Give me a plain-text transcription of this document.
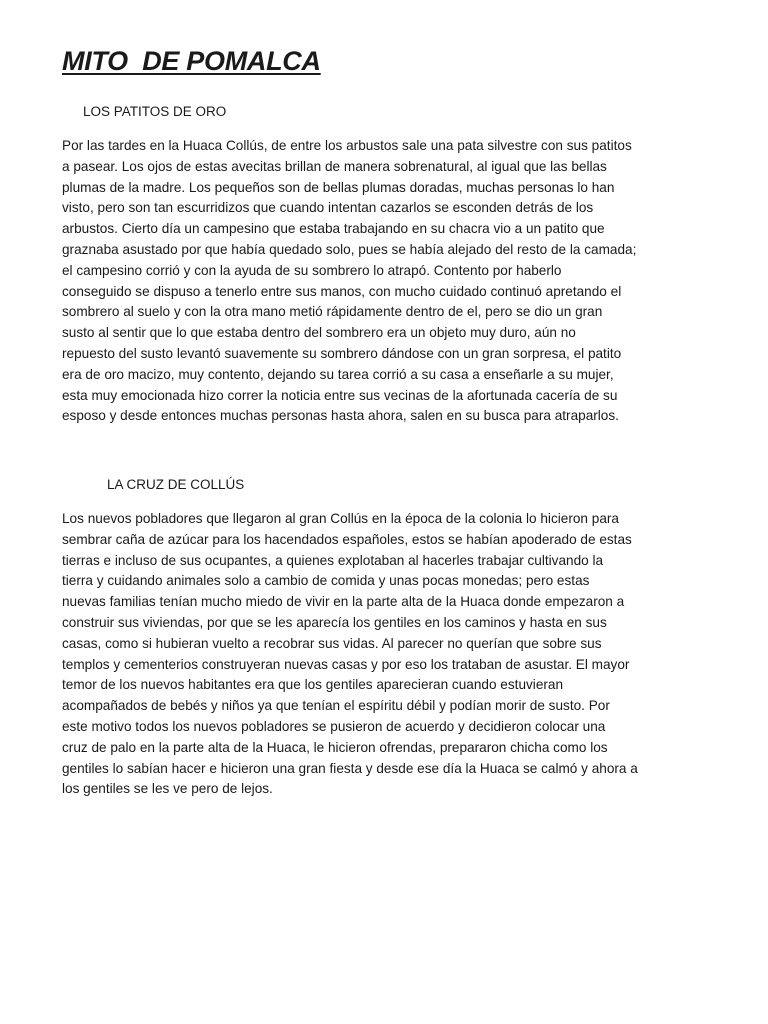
MITO  DE POMALCA
LOS PATITOS DE ORO

Por las tardes en la Huaca Collús, de entre los arbustos sale una pata silvestre con sus patitos
a pasear. Los ojos de estas avecitas brillan de manera sobrenatural, al igual que las bellas
plumas de la madre. Los pequeños son de bellas plumas doradas, muchas personas lo han
visto, pero son tan escurridizos que cuando intentan cazarlos se esconden detrás de los
arbustos. Cierto día un campesino que estaba trabajando en su chacra vio a un patito que
graznaba asustado por que había quedado solo, pues se había alejado del resto de la camada;
el campesino corrió y con la ayuda de su sombrero lo atrapó. Contento por haberlo
conseguido se dispuso a tenerlo entre sus manos, con mucho cuidado continuó apretando el
sombrero al suelo y con la otra mano metió rápidamente dentro de el, pero se dio un gran
susto al sentir que lo que estaba dentro del sombrero era un objeto muy duro, aún no
repuesto del susto levantó suavemente su sombrero dándose con un gran sorpresa, el patito
era de oro macizo, muy contento, dejando su tarea corrió a su casa a enseñarle a su mujer,
esta muy emocionada hizo correr la noticia entre sus vecinas de la afortunada cacería de su
esposo y desde entonces muchas personas hasta ahora, salen en su busca para atraparlos.

LA CRUZ DE COLLÚS

Los nuevos pobladores que llegaron al gran Collús en la época de la colonia lo hicieron para
sembrar caña de azúcar para los hacendados españoles, estos se habían apoderado de estas
tierras e incluso de sus ocupantes, a quienes explotaban al hacerles trabajar cultivando la
tierra y cuidando animales solo a cambio de comida y unas pocas monedas; pero estas
nuevas familias tenían mucho miedo de vivir en la parte alta de la Huaca donde empezaron a
construir sus viviendas, por que se les aparecía los gentiles en los caminos y hasta en sus
casas, como si hubieran vuelto a recobrar sus vidas. Al parecer no querían que sobre sus
templos y cementerios construyeran nuevas casas y por eso los trataban de asustar. El mayor
temor de los nuevos habitantes era que los gentiles aparecieran cuando estuvieran
acompañados de bebés y niños ya que tenían el espíritu débil y podían morir de susto. Por
este motivo todos los nuevos pobladores se pusieron de acuerdo y decidieron colocar una
cruz de palo en la parte alta de la Huaca, le hicieron ofrendas, prepararon chicha como los
gentiles lo sabían hacer e hicieron una gran fiesta y desde ese día la Huaca se calmó y ahora a
los gentiles se les ve pero de lejos.
